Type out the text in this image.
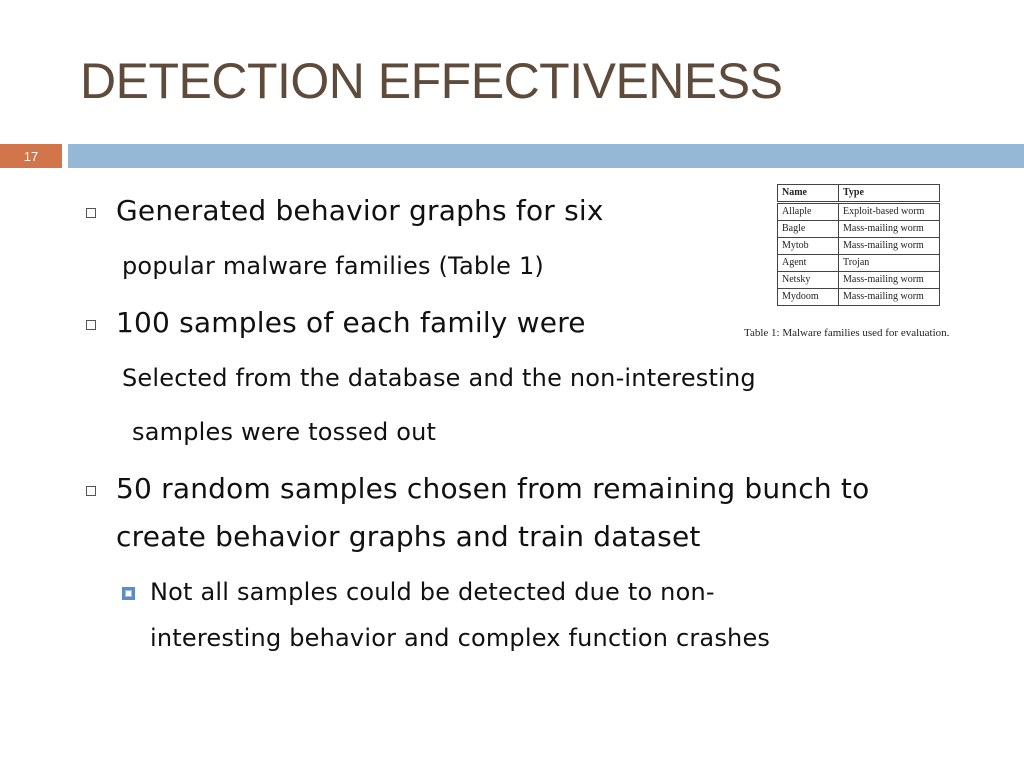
DETECTION EFFECTIVENESS
17
Generated behavior graphs for six
popular malware families (Table 1)
100 samples of each family were
Selected from the database and the non-interesting
samples were tossed out
50 random samples chosen from remaining bunch to
create behavior graphs and train dataset
Not all samples could be detected due to non-
interesting behavior and complex function crashes
Name	Type
Allaple	Exploit-based worm
Bagle	Mass-mailing worm
Mytob	Mass-mailing worm
Agent	Trojan
Netsky	Mass-mailing worm
Mydoom	Mass-mailing worm
Table 1: Malware families used for evaluation.
